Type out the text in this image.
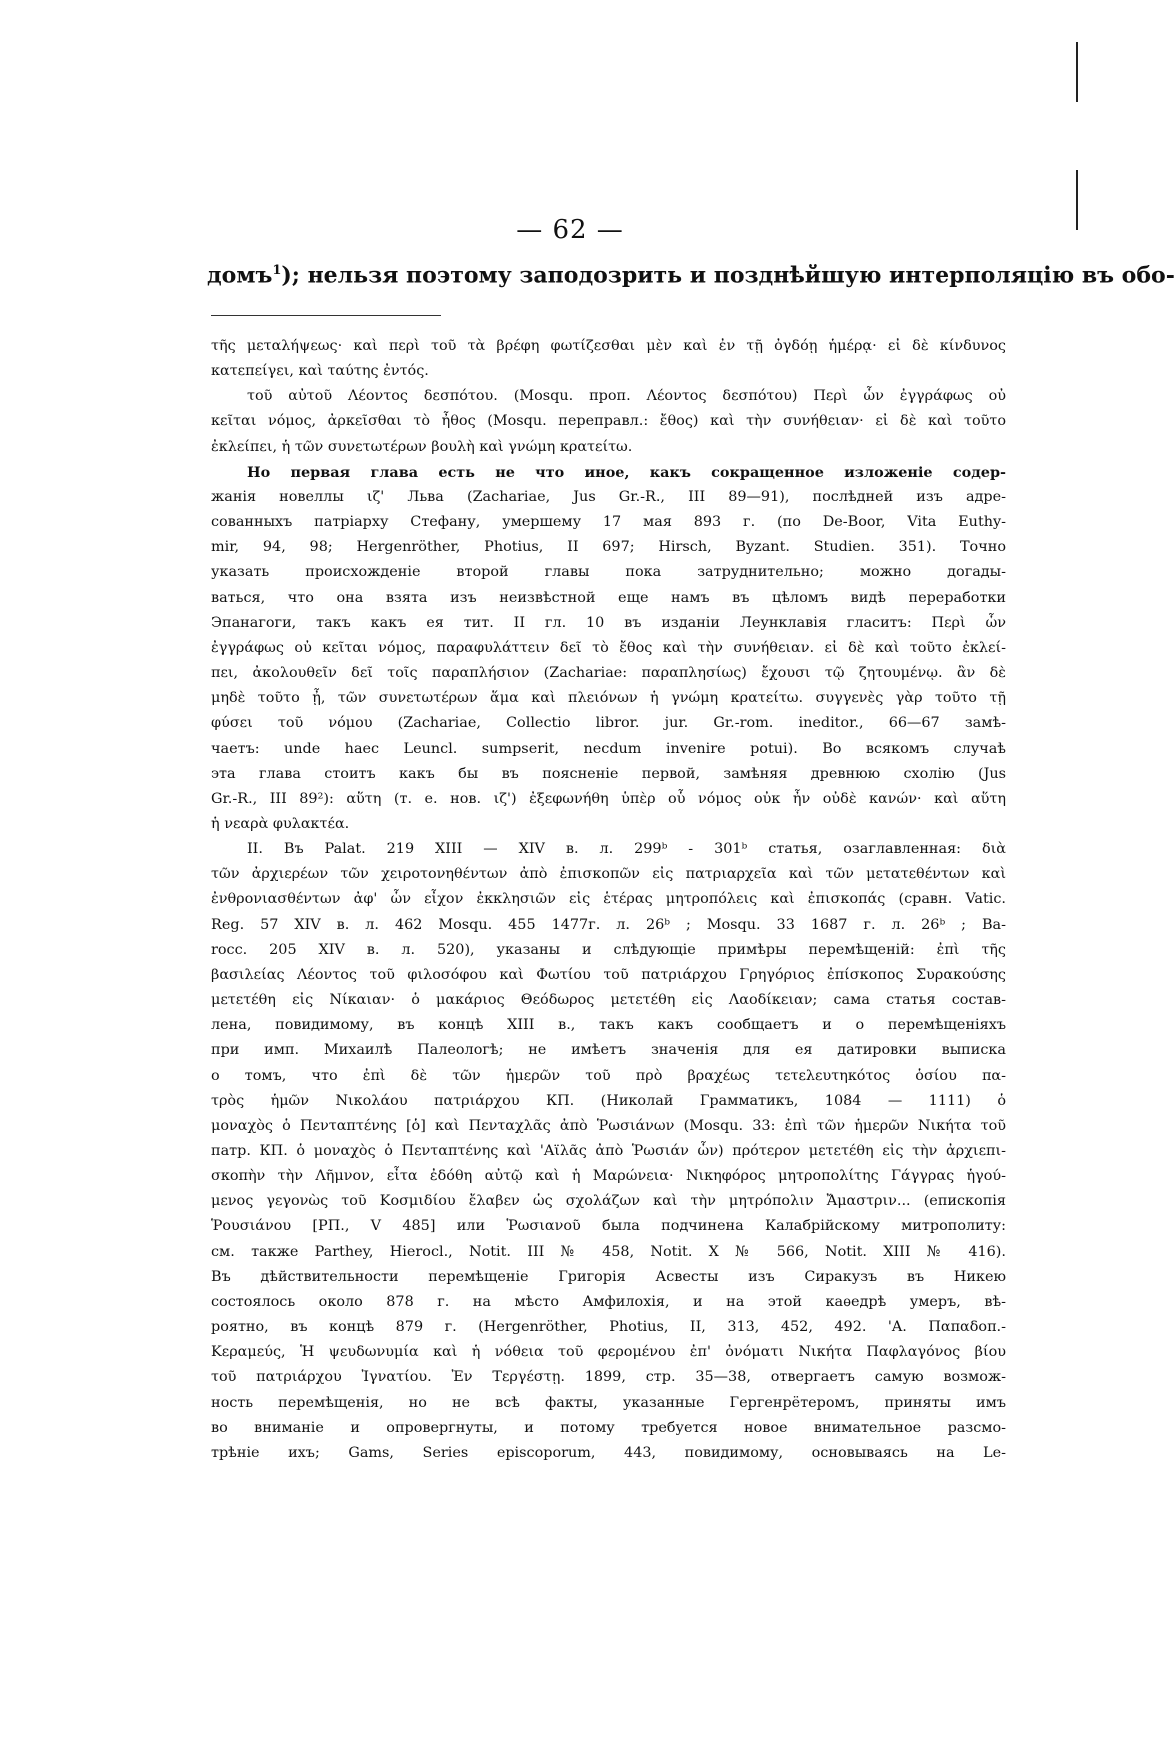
— 62 —
домъ$^1$); нельзя поэтому заподозрить и позднѣйшую интерполяцію въ обо-

τῆς μεταλήψεως· καὶ περὶ τοῦ τὰ βρέφη φωτίζεσθαι μὲν καὶ ἐν τῇ ὀγδόῃ ἡμέρᾳ· εἰ δὲ κίνδυνος

κατεπείγει, καὶ ταύτης ἐντός.

τοῦ αὐτοῦ Λέοντος δεσπότου. (Mosqu. проп. Λέοντος δεσπότου) Περὶ ὧν ἐγγράφως οὐ

κεῖται νόμος, ἀρκεῖσθαι τὸ ἦθος (Mosqu. переправл.: ἔθος) καὶ τὴν συνήθειαν· εἰ δὲ καὶ τοῦτο

ἐκλείπει, ἡ τῶν συνετωτέρων βουλὴ καὶ γνώμη κρατείτω.

Но первая глава есть не что иное, какъ сокращенное изложеніе содер-

жанія новеллы ιζ' Льва (Zachariae, Jus Gr.-R., III 89—91), послѣдней изъ адре-

сованныхъ патріарху Стефану, умершему 17 мая 893 г. (по De-Boor, Vita Euthy-

mir, 94, 98; Hergenröther, Photius, II 697; Hirsch, Byzant. Studien. 351). Точно

указать происхожденіе второй главы пока затруднительно; можно догады-

ваться, что она взята изъ неизвѣстной еще намъ въ цѣломъ видѣ переработки

Эпанагоги, такъ какъ ея тит. II гл. 10 въ изданіи Леунклавія гласитъ: Περὶ ὧν

ἐγγράφως οὐ κεῖται νόμος, παραφυλάττειν δεῖ τὸ ἔθος καὶ τὴν συνήθειαν. εἰ δὲ καὶ τοῦτο ἐκλεί-

πει, ἀκολουθεῖν δεῖ τοῖς παραπλήσιον (Zachariae: παραπλησίως) ἔχουσι τῷ ζητουμένῳ. ἂν δὲ

μηδὲ τοῦτο ᾖ, τῶν συνετωτέρων ἅμα καὶ πλειόνων ἡ γνώμη κρατείτω. συγγενὲς γὰρ τοῦτο τῇ

φύσει τοῦ νόμου (Zachariae, Collectio libror. jur. Gr.-rom. ineditor., 66—67 замѣ-

чаетъ: unde haec Leuncl. sumpserit, necdum invenire potui). Во всякомъ случаѣ

эта глава стоитъ какъ бы въ поясненіе первой, замѣняя древнюю схолію (Jus

Gr.-R., III 89²): αὕτη (т. е. нов. ιζ') ἐξεφωνήθη ὑπὲρ οὗ νόμος οὐκ ἦν οὐδὲ κανών· καὶ αὕτη

ἡ νεαρὰ φυλακτέα.

II. Въ Palat. 219 XIII — XIV в. л. 299ᵇ - 301ᵇ статья, озаглавленная: διὰ

τῶν ἀρχιερέων τῶν χειροτονηθέντων ἀπὸ ἐπισκοπῶν εἰς πατριαρχεῖα καὶ τῶν μετατεθέντων καὶ

ἐνθρονιασθέντων ἀφ' ὧν εἶχον ἐκκλησιῶν εἰς ἑτέρας μητροπόλεις καὶ ἐπισκοπάς (сравн. Vatic.

Reg. 57 XIV в. л. 462 Mosqu. 455 1477г. л. 26ᵇ ; Mosqu. 33 1687 г. л. 26ᵇ ; Ba-

rocc. 205 XIV в. л. 520), указаны и слѣдующіе примѣры перемѣщеній: ἐπὶ τῆς

βασιλείας Λέοντος τοῦ φιλοσόφου καὶ Φωτίου τοῦ πατριάρχου Γρηγόριος ἐπίσκοπος Συρακούσης

μετετέθη εἰς Νίκαιαν· ὁ μακάριος Θεόδωρος μετετέθη εἰς Λαοδίκειαν; сама статья состав-

лена, повидимому, въ концѣ XIII в., такъ какъ сообщаетъ и о перемѣщеніяхъ

при имп. Михаилѣ Палеологѣ; не имѣетъ значенія для ея датировки выписка

о томъ, что ἐπὶ δὲ τῶν ἡμερῶν τοῦ πρὸ βραχέως τετελευτηκότος ὁσίου πα-

τρὸς ἡμῶν Νικολάου πατριάρχου КП. (Николай Грамматикъ, 1084 — 1111) ὁ

μοναχὸς ὁ Πενταπτένης [ὁ] καὶ Πενταχλᾶς ἀπὸ Ῥωσιάνων (Mosqu. 33: ἐπὶ τῶν ἡμερῶν Νικήτα τοῦ

патр. КП. ὁ μοναχὸς ὁ Πενταπτένης καὶ 'Αϊλᾶς ἀπὸ Ῥωσιάν ὧν) πρότερον μετετέθη εἰς τὴν ἀρχιεπι-

σκοπὴν τὴν Λῆμνον, εἶτα ἐδόθη αὐτῷ καὶ ἡ Μαρώνεια· Νικηφόρος μητροπολίτης Γάγγρας ἡγού-

μενος γεγονὼς τοῦ Κοσμιδίου ἔλαβεν ὡς σχολάζων καὶ τὴν μητρόπολιν Ἄμαστριν... (епископія

Ῥουσιάνου [РП., V 485] или Ῥωσιανοῦ была подчинена Калабрійскому митрополиту:

см. также Parthey, Hierocl., Notit. III № 458, Notit. X № 566, Notit. XIII № 416).

Въ дѣйствительности перемѣщеніе Григорія Асвесты изъ Сиракузъ въ Никею

состоялось около 878 г. на мѣсто Амфилохія, и на этой каѳедрѣ умеръ, вѣ-

роятно, въ концѣ 879 г. (Hergenröther, Photius, II, 313, 452, 492. 'Α. Παπαδοπ.-

Κεραμεύς, Ἡ ψευδωνυμία καὶ ἡ νόθεια τοῦ φερομένου ἐπ' ὀνόματι Νικήτα Παφλαγόνος βίου

τοῦ πατριάρχου Ἰγνατίου. Ἐν Τεργέστῃ. 1899, стр. 35—38, отвергаетъ самую возмож-

ность перемѣщенія, но не всѣ факты, указанные Гергенрётеромъ, приняты имъ

во вниманіе и опровергнуты, и потому требуется новое внимательное разсмо-

трѣніе ихъ; Gams, Series episcoporum, 443, повидимому, основываясь на Le-
